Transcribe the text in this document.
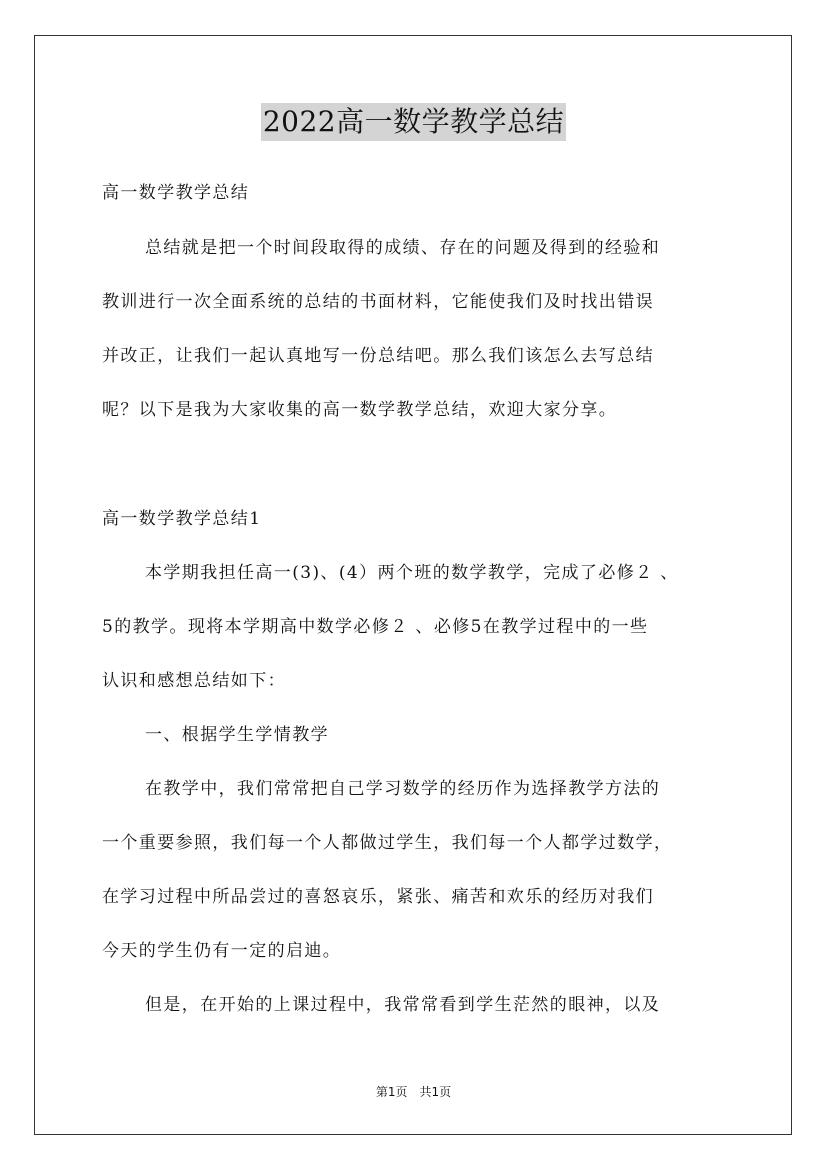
2022高一数学教学总结
高一数学教学总结
总结就是把一个时间段取得的成绩、存在的问题及得到的经验和
教训进行一次全面系统的总结的书面材料，它能使我们及时找出错误
并改正，让我们一起认真地写一份总结吧。那么我们该怎么去写总结
呢？以下是我为大家收集的高一数学教学总结，欢迎大家分享。
高一数学教学总结1
本学期我担任高一(3)、(4）两个班的数学教学，完成了必修２ 、
5的教学。现将本学期高中数学必修２ 、必修5在教学过程中的一些
认识和感想总结如下：
一、根据学生学情教学
在教学中，我们常常把自己学习数学的经历作为选择教学方法的
一个重要参照，我们每一个人都做过学生，我们每一个人都学过数学，
在学习过程中所品尝过的喜怒哀乐，紧张、痛苦和欢乐的经历对我们
今天的学生仍有一定的启迪。
但是，在开始的上课过程中，我常常看到学生茫然的眼神，以及
第1页　共1页
